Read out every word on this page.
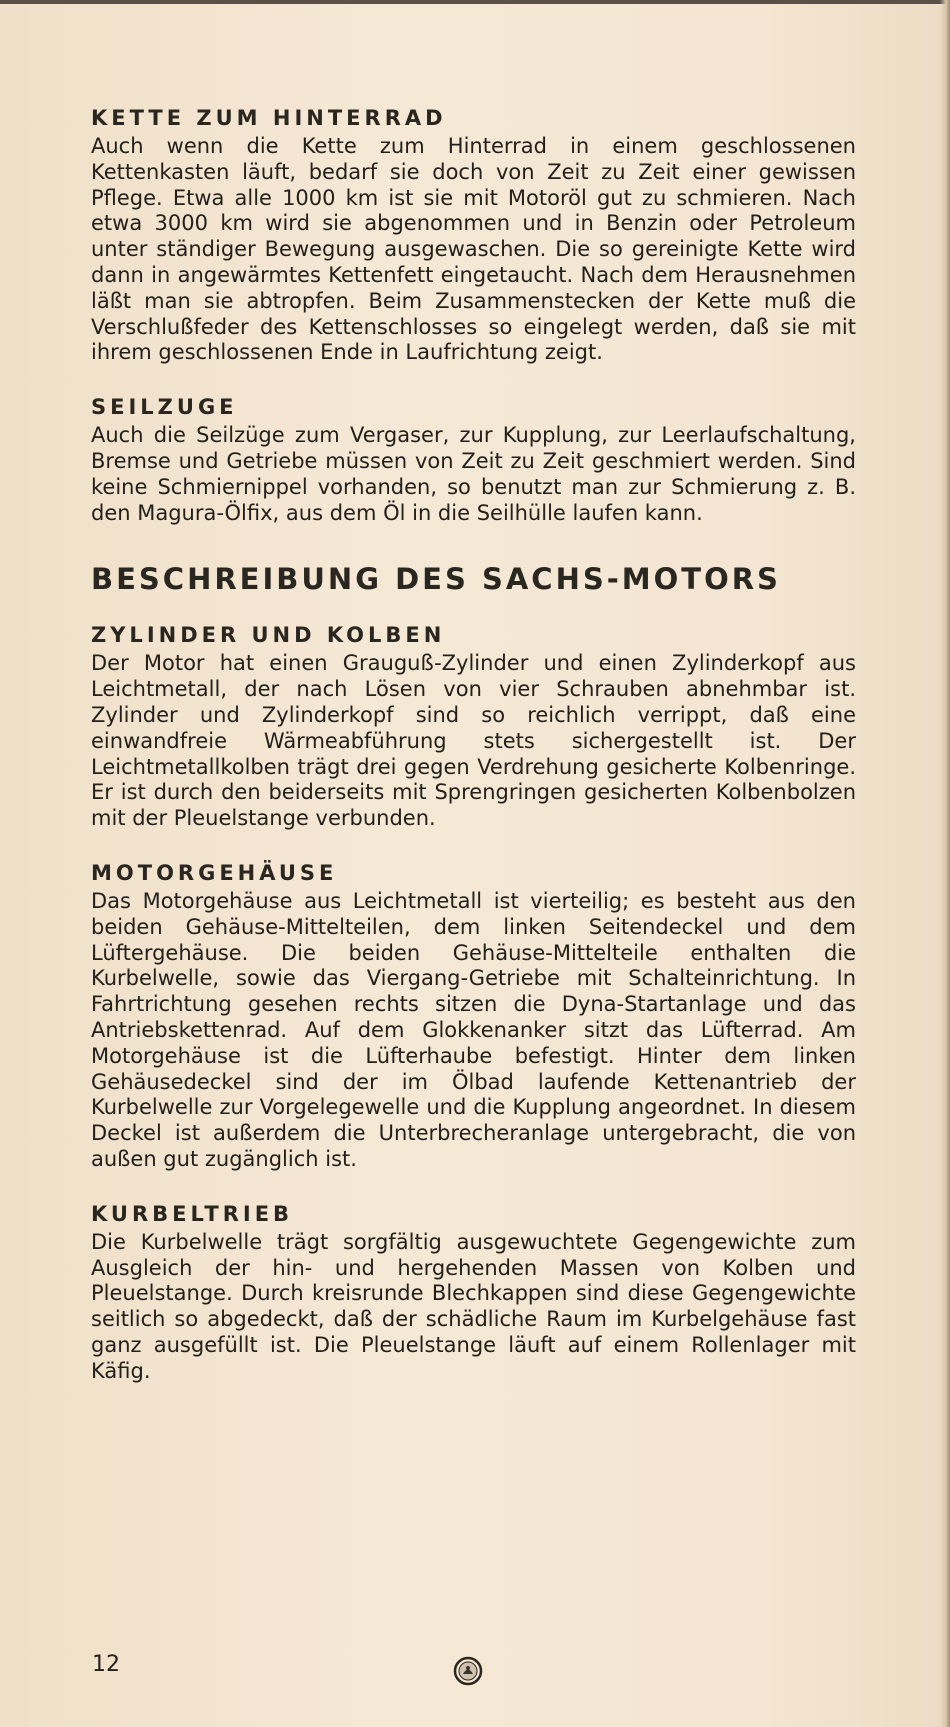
KETTE ZUM HINTERRAD

Auch wenn die Kette zum Hinterrad in einem geschlossenen Kettenkasten läuft, bedarf sie doch von Zeit zu Zeit einer gewissen Pflege. Etwa alle 1000 km ist sie mit Motoröl gut zu schmieren. Nach etwa 3000 km wird sie abgenommen und in Benzin oder Petroleum unter ständiger Bewegung ausgewaschen. Die so gereinigte Kette wird dann in angewärmtes Kettenfett eingetaucht. Nach dem Herausnehmen läßt man sie abtropfen. Beim Zusammenstecken der Kette muß die Verschlußfeder des Kettenschlosses so eingelegt werden, daß sie mit ihrem geschlossenen Ende in Laufrichtung zeigt.

SEILZUGE

Auch die Seilzüge zum Vergaser, zur Kupplung, zur Leerlaufschaltung, Bremse und Getriebe müssen von Zeit zu Zeit geschmiert werden. Sind keine Schmiernippel vorhanden, so benutzt man zur Schmierung z. B. den Magura-Ölfix, aus dem Öl in die Seilhülle laufen kann.

BESCHREIBUNG DES SACHS-MOTORS
ZYLINDER UND KOLBEN

Der Motor hat einen Grauguß-Zylinder und einen Zylinderkopf aus Leichtmetall, der nach Lösen von vier Schrauben abnehmbar ist. Zylinder und Zylinderkopf sind so reichlich verrippt, daß eine einwandfreie Wärmeabführung stets sichergestellt ist. Der Leichtmetallkolben trägt drei gegen Verdrehung gesicherte Kolbenringe. Er ist durch den beiderseits mit Sprengringen gesicherten Kolbenbolzen mit der Pleuelstange verbunden.

MOTORGEHÄUSE

Das Motorgehäuse aus Leichtmetall ist vierteilig; es besteht aus den beiden Gehäuse-Mittelteilen, dem linken Seitendeckel und dem Lüftergehäuse. Die beiden Gehäuse-Mittelteile enthalten die Kurbelwelle, sowie das Viergang-Getriebe mit Schalteinrichtung. In Fahrtrichtung gesehen rechts sitzen die Dyna-Startanlage und das Antriebskettenrad. Auf dem Glokkenanker sitzt das Lüfterrad. Am Motorgehäuse ist die Lüfterhaube befestigt. Hinter dem linken Gehäusedeckel sind der im Ölbad laufende Kettenantrieb der Kurbelwelle zur Vorgelegewelle und die Kupplung angeordnet. In diesem Deckel ist außerdem die Unterbrecheranlage untergebracht, die von außen gut zugänglich ist.

KURBELTRIEB

Die Kurbelwelle trägt sorgfältig ausgewuchtete Gegengewichte zum Ausgleich der hin- und hergehenden Massen von Kolben und Pleuelstange. Durch kreisrunde Blechkappen sind diese Gegengewichte seitlich so abgedeckt, daß der schädliche Raum im Kurbelgehäuse fast ganz ausgefüllt ist. Die Pleuelstange läuft auf einem Rollenlager mit Käfig.

12
